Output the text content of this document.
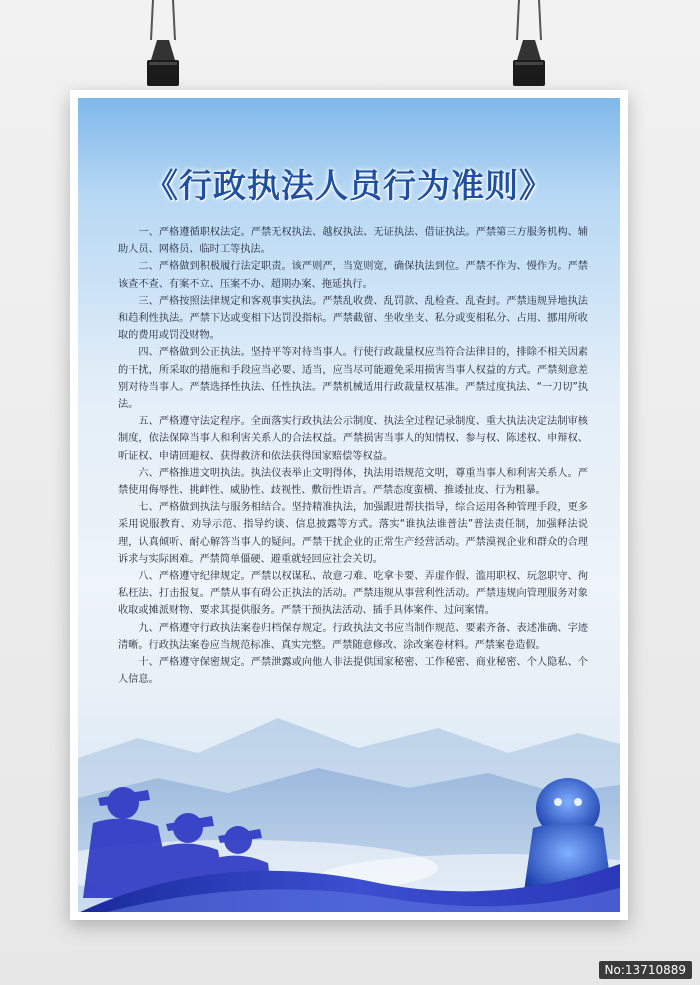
《行政执法人员行为准则》

一、严格遵循职权法定。严禁无权执法、越权执法、无证执法、借证执法。严禁第三方服务机构、辅助人员、网格员、临时工等执法。

二、严格做到积极履行法定职责。该严则严，当宽则宽，确保执法到位。严禁不作为、慢作为。严禁该查不查、有案不立、压案不办、超期办案、拖延执行。

三、严格按照法律规定和客观事实执法。严禁乱收费、乱罚款、乱检查、乱查封。严禁违规异地执法和趋利性执法。严禁下达或变相下达罚没指标。严禁截留、坐收坐支、私分或变相私分、占用、挪用所收取的费用或罚没财物。

四、严格做到公正执法。坚持平等对待当事人。行使行政裁量权应当符合法律目的，排除不相关因素的干扰，所采取的措施和手段应当必要、适当，应当尽可能避免采用损害当事人权益的方式。严禁刻意差别对待当事人。严禁选择性执法、任性执法。严禁机械适用行政裁量权基准。严禁过度执法、“一刀切”执法。

五、严格遵守法定程序。全面落实行政执法公示制度、执法全过程记录制度、重大执法决定法制审核制度，依法保障当事人和利害关系人的合法权益。严禁损害当事人的知情权、参与权、陈述权、申辩权、听证权、申请回避权、获得救济和依法获得国家赔偿等权益。

六、严格推进文明执法。执法仪表举止文明得体，执法用语规范文明，尊重当事人和利害关系人。严禁使用侮辱性、挑衅性、威胁性、歧视性、敷衍性语言。严禁态度蛮横、推诿扯皮、行为粗暴。

七、严格做到执法与服务相结合。坚持精准执法，加强跟进帮扶指导，综合运用各种管理手段，更多采用说服教育、劝导示范、指导约谈、信息披露等方式。落实“谁执法谁普法”普法责任制，加强释法说理，认真倾听、耐心解答当事人的疑问。严禁干扰企业的正常生产经营活动。严禁漠视企业和群众的合理诉求与实际困难。严禁简单僵硬、避重就轻回应社会关切。

八、严格遵守纪律规定。严禁以权谋私、故意刁难、吃拿卡要、弄虚作假、滥用职权、玩忽职守、徇私枉法、打击报复。严禁从事有碍公正执法的活动。严禁违规从事营利性活动。严禁违规向管理服务对象收取或摊派财物、要求其提供服务。严禁干预执法活动、插手具体案件、过问案情。

九、严格遵守行政执法案卷归档保存规定。行政执法文书应当制作规范、要素齐备、表述准确、字迹清晰。行政执法案卷应当规范标准、真实完整。严禁随意修改、涂改案卷材料。严禁案卷造假。

十、严格遵守保密规定。严禁泄露或向他人非法提供国家秘密、工作秘密、商业秘密、个人隐私、个人信息。

No:13710889
